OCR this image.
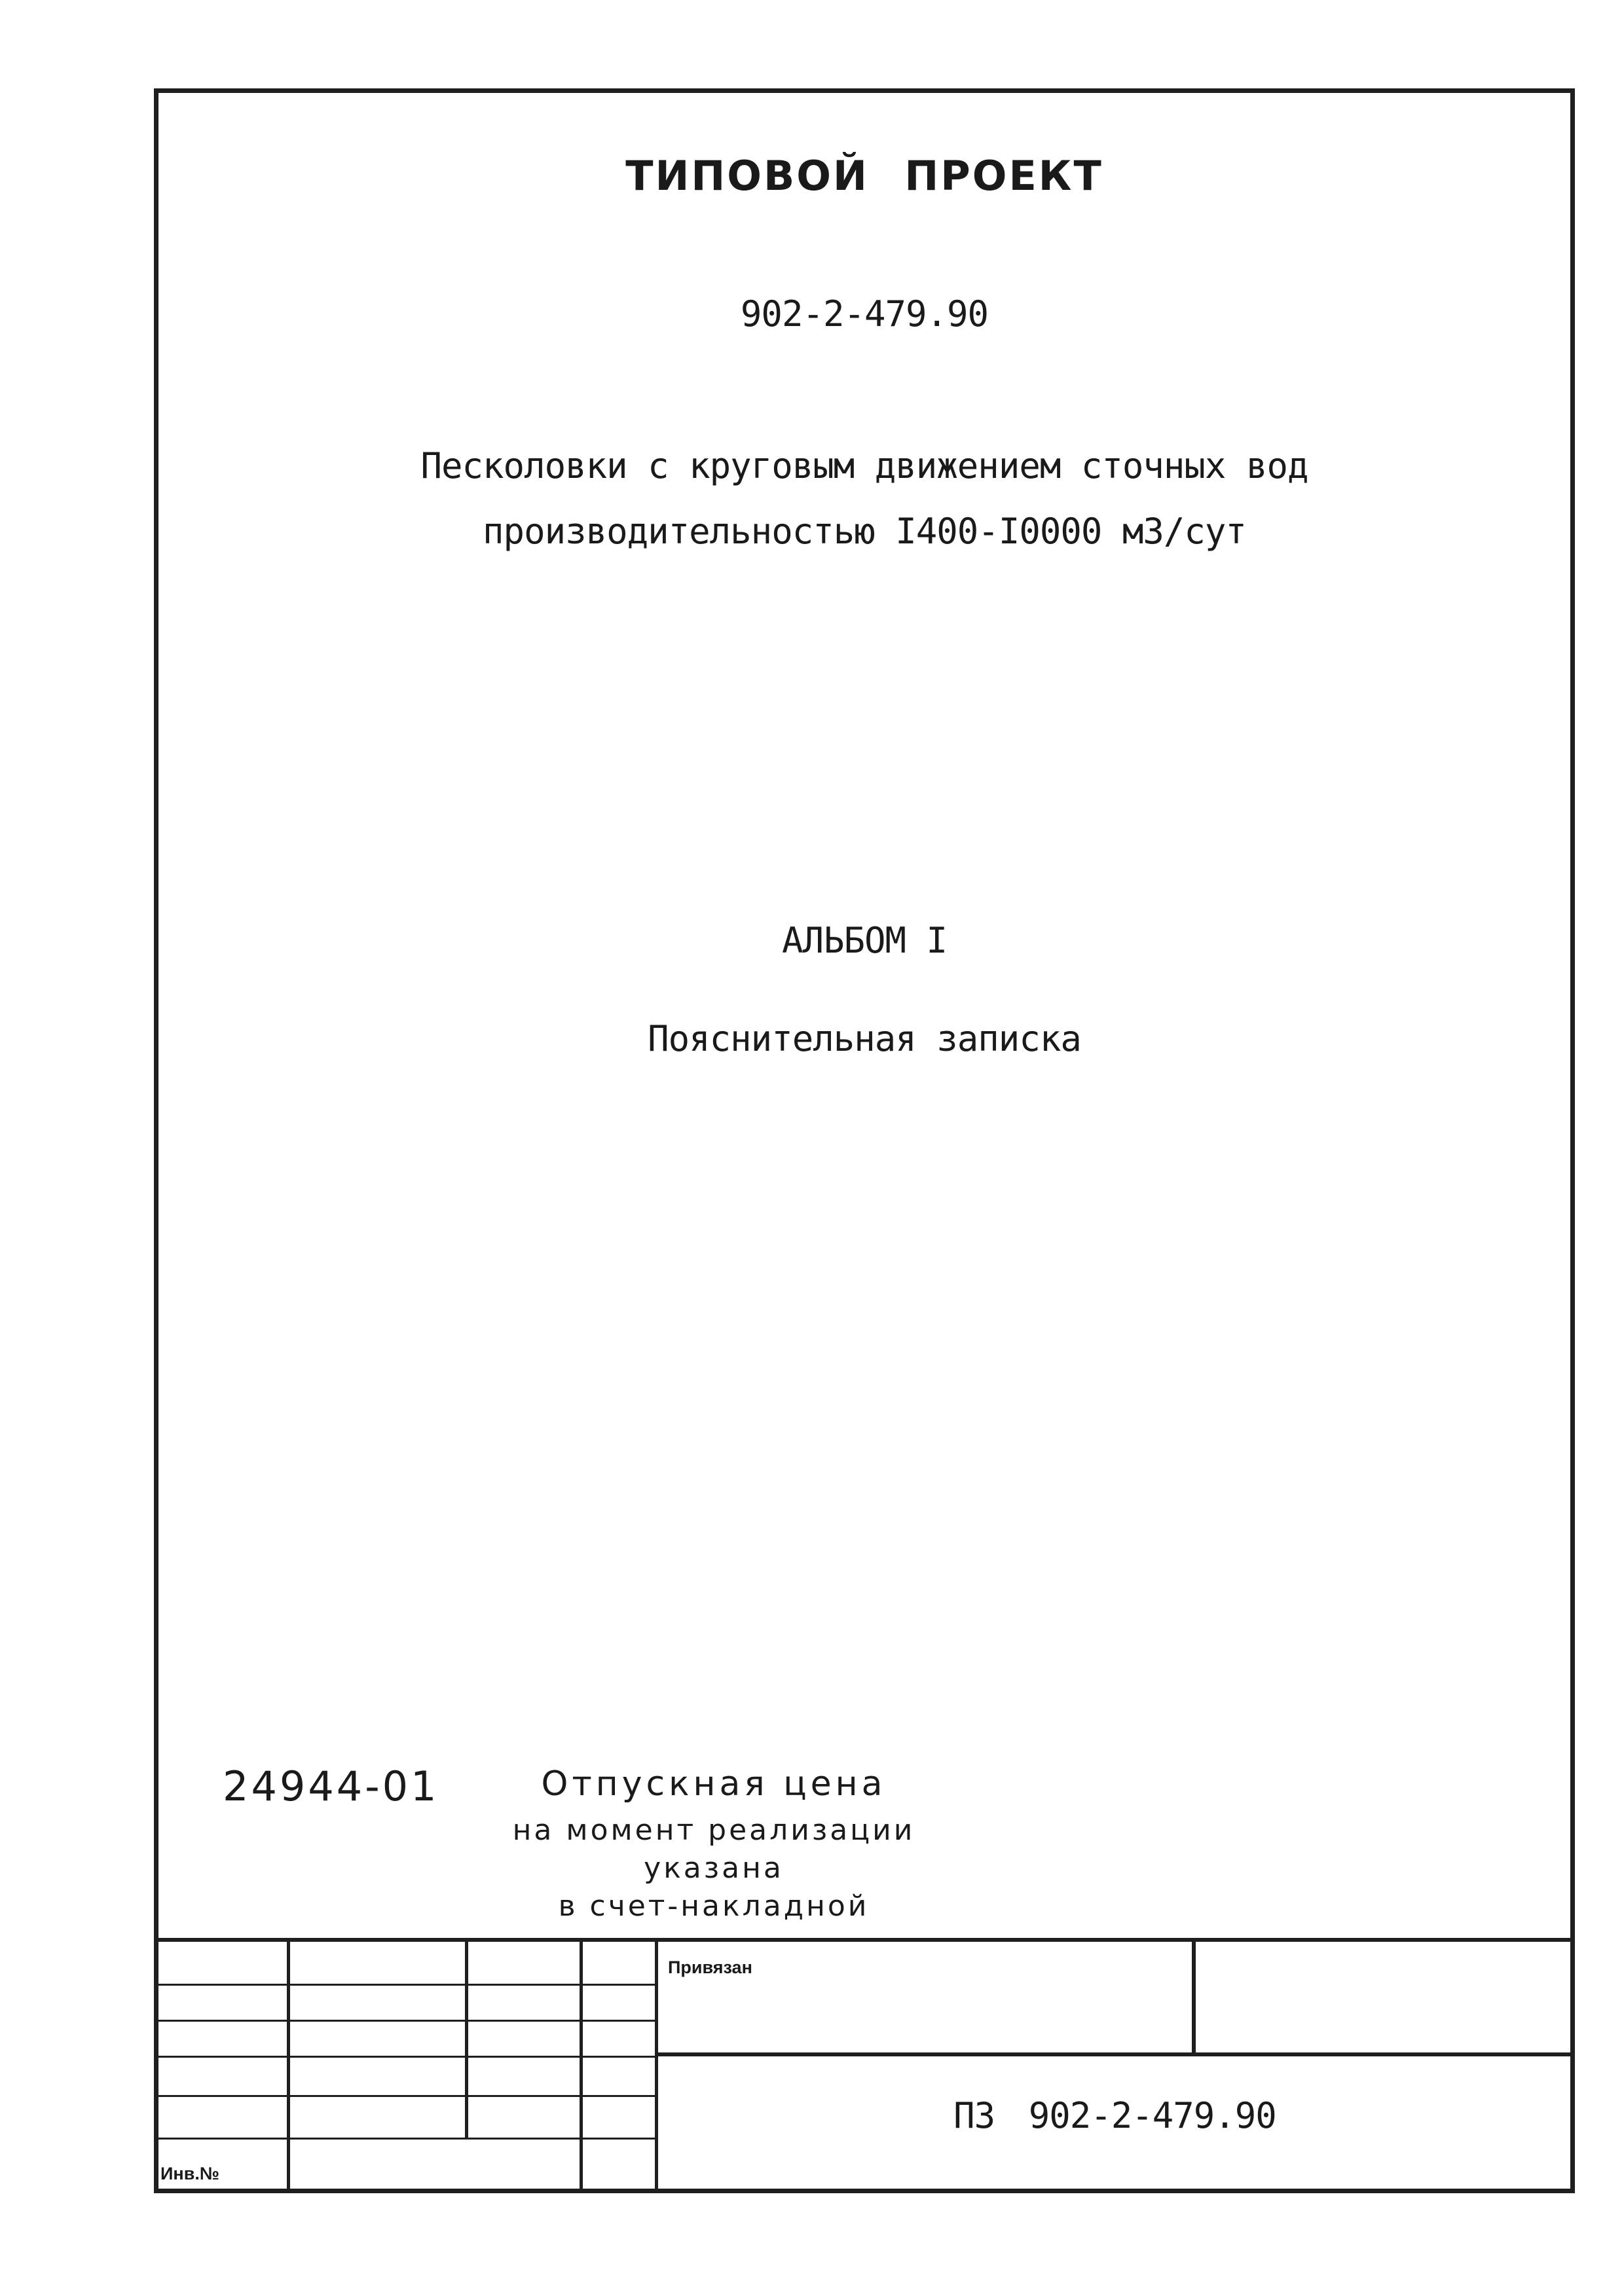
ТИПОВОЙ ПРОЕКТ
902-2-479.90
Песколовки с круговым движением сточных вод
производительностью I400-I0000 м3/сут
АЛЬБОМ I
Пояснительная записка
24944-01	Отпускная цена
на момент реализации
указана
в счет-накладной
Привязан
Инв.№
ПЗ 902-2-479.90
